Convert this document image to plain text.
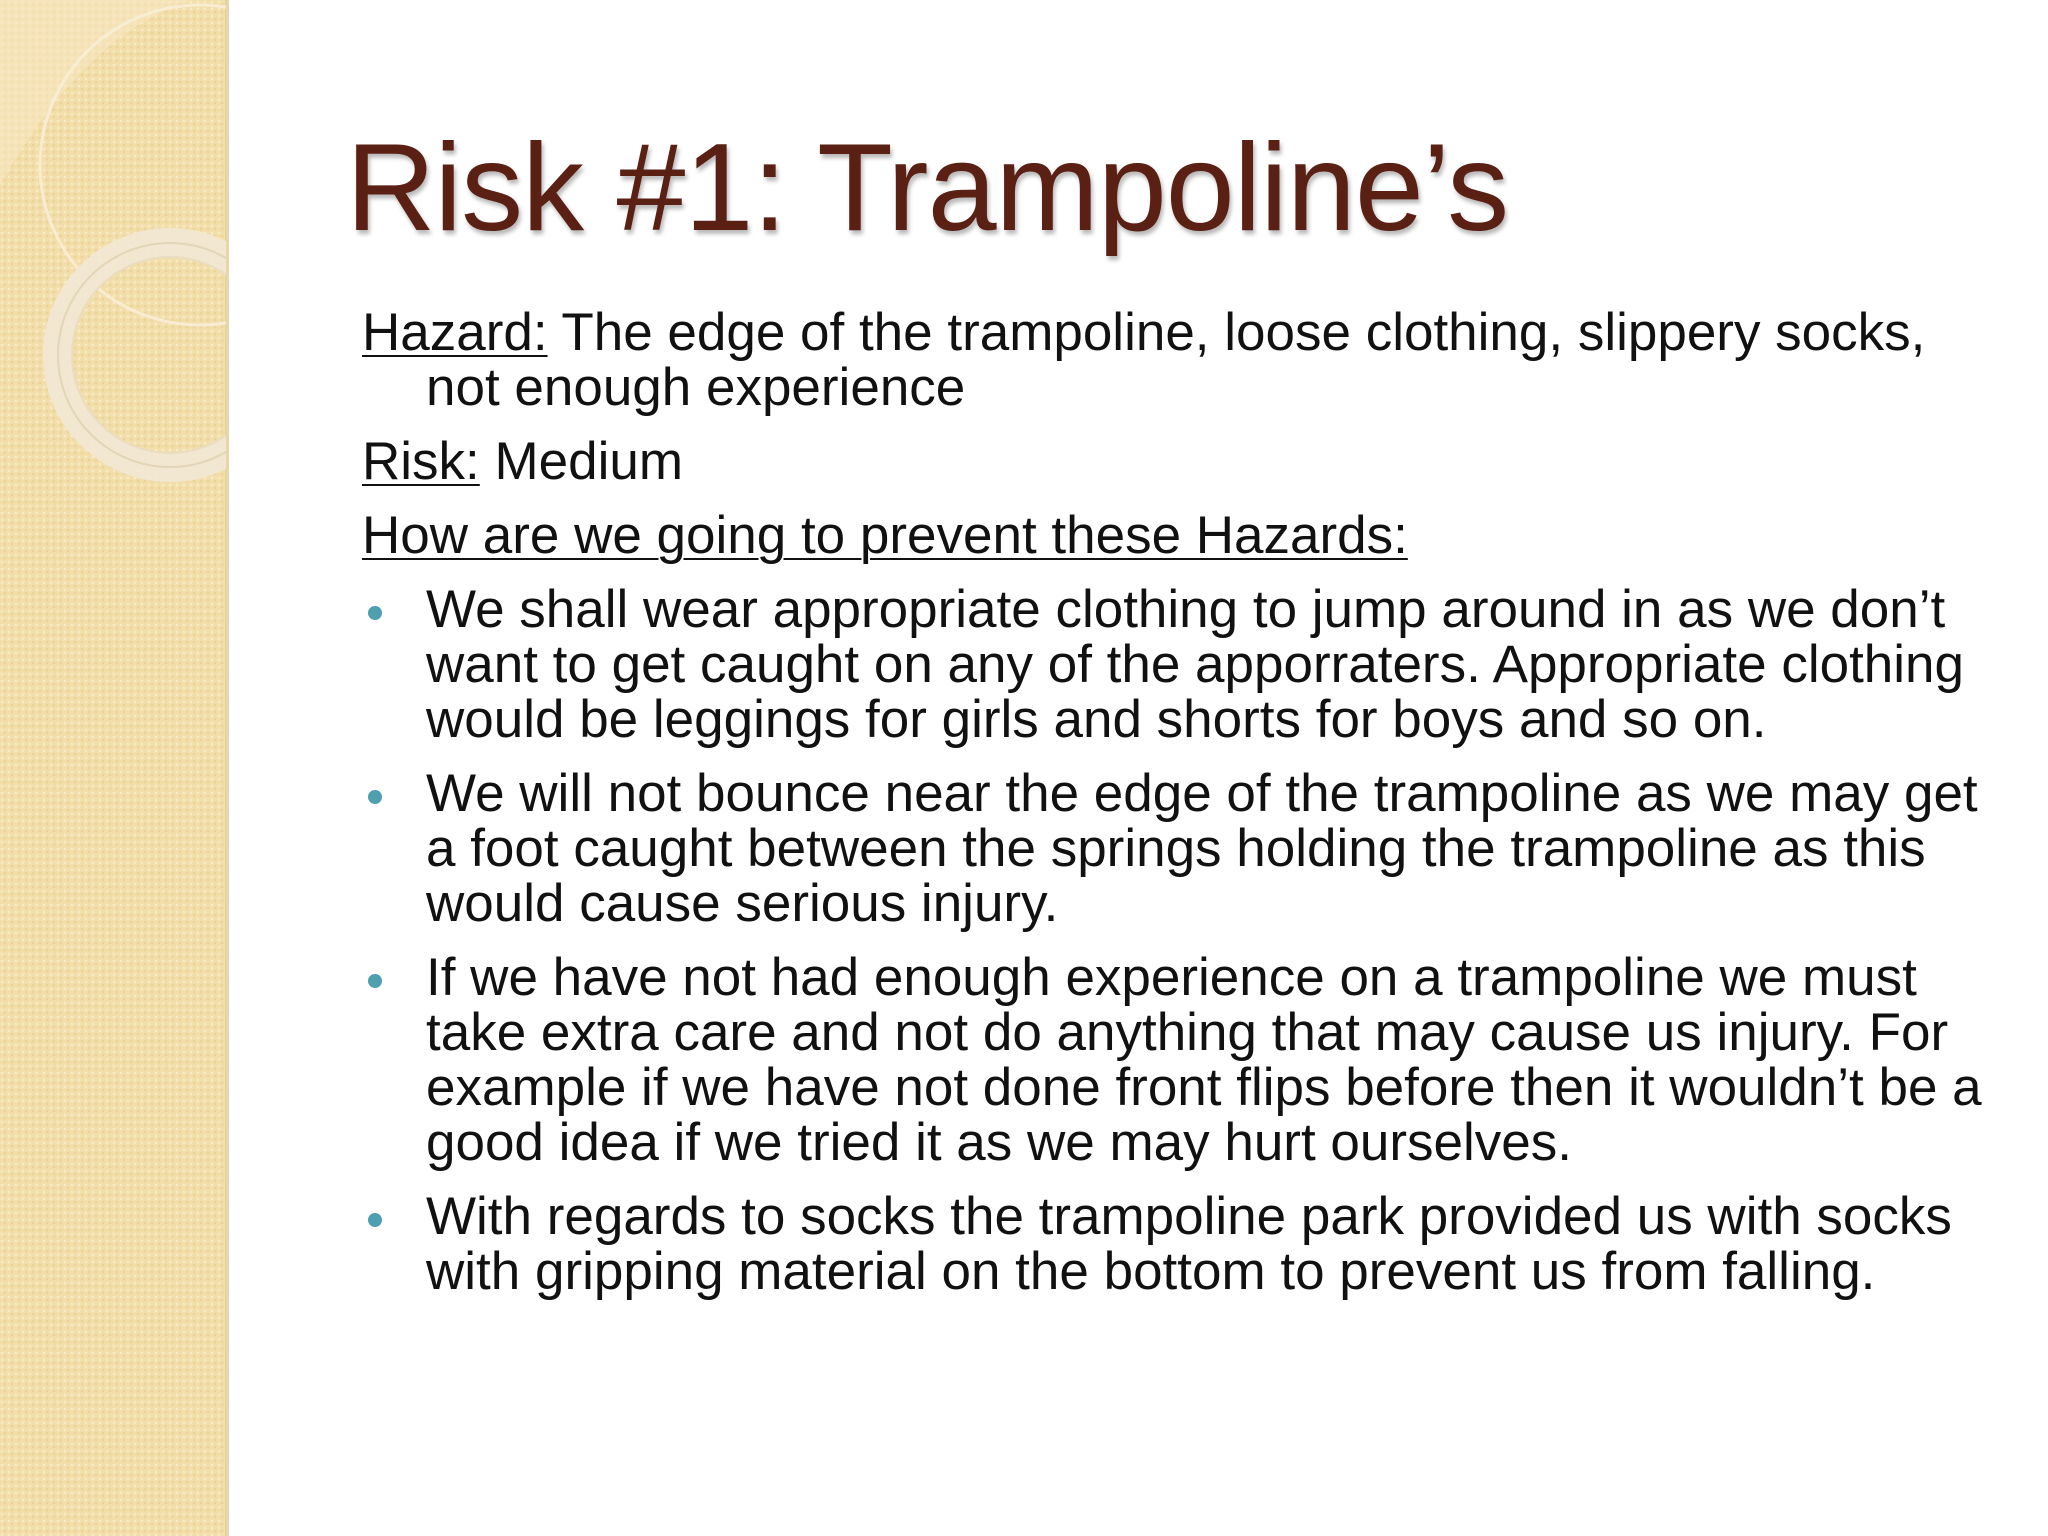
Risk #1: Trampoline’s

Hazard: The edge of the trampoline, loose clothing, slippery socks, not enough experience

Risk: Medium

How are we going to prevent these Hazards:

We shall wear appropriate clothing to jump around in as we don’t want to get caught on any of the apporraters. Appropriate clothing would be leggings for girls and shorts for boys and so on.
We will not bounce near the edge of the trampoline as we may get a foot caught between the springs holding the trampoline as this would cause serious injury.
If we have not had enough experience on a trampoline we must take extra care and not do anything that may cause us injury. For example if we have not done front flips before then it wouldn’t be a good idea if we tried it as we may hurt ourselves.
With regards to socks the trampoline park provided us with socks with gripping material on the bottom to prevent us from falling.
